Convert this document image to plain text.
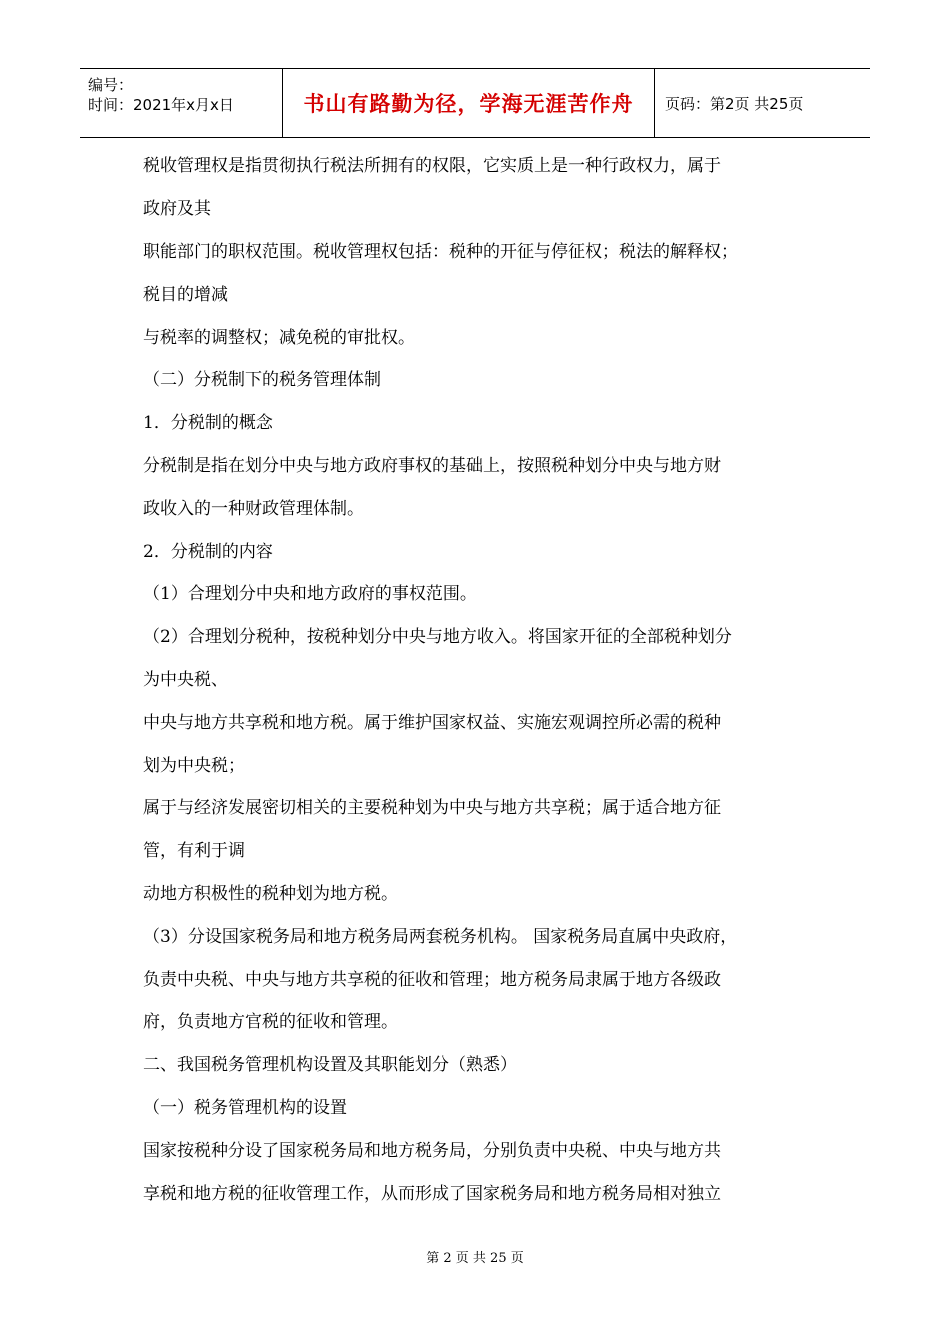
编号：
时间：2021年x月x日	书山有路勤为径，学海无涯苦作舟 页码：第2页 共25页
税收管理权是指贯彻执行税法所拥有的权限，它实质上是一种行政权力，属于
政府及其
职能部门的职权范围。税收管理权包括：税种的开征与停征权；税法的解释权；
税目的增减
与税率的调整权；减免税的审批权。
（二）分税制下的税务管理体制
1．分税制的概念
分税制是指在划分中央与地方政府事权的基础上，按照税种划分中央与地方财
政收入的一种财政管理体制。
2．分税制的内容
（1）合理划分中央和地方政府的事权范围。
（2）合理划分税种，按税种划分中央与地方收入。将国家开征的全部税种划分
为中央税、
中央与地方共享税和地方税。属于维护国家权益、实施宏观调控所必需的税种
划为中央税；
属于与经济发展密切相关的主要税种划为中央与地方共享税；属于适合地方征
管，有利于调
动地方积极性的税种划为地方税。
（3）分设国家税务局和地方税务局两套税务机构。 国家税务局直属中央政府，
负责中央税、中央与地方共享税的征收和管理；地方税务局隶属于地方各级政
府，负责地方官税的征收和管理。
二、我国税务管理机构设置及其职能划分（熟悉）
（一）税务管理机构的设置
国家按税种分设了国家税务局和地方税务局，分别负责中央税、中央与地方共
享税和地方税的征收管理工作，从而形成了国家税务局和地方税务局相对独立
第 2 页 共 25 页
